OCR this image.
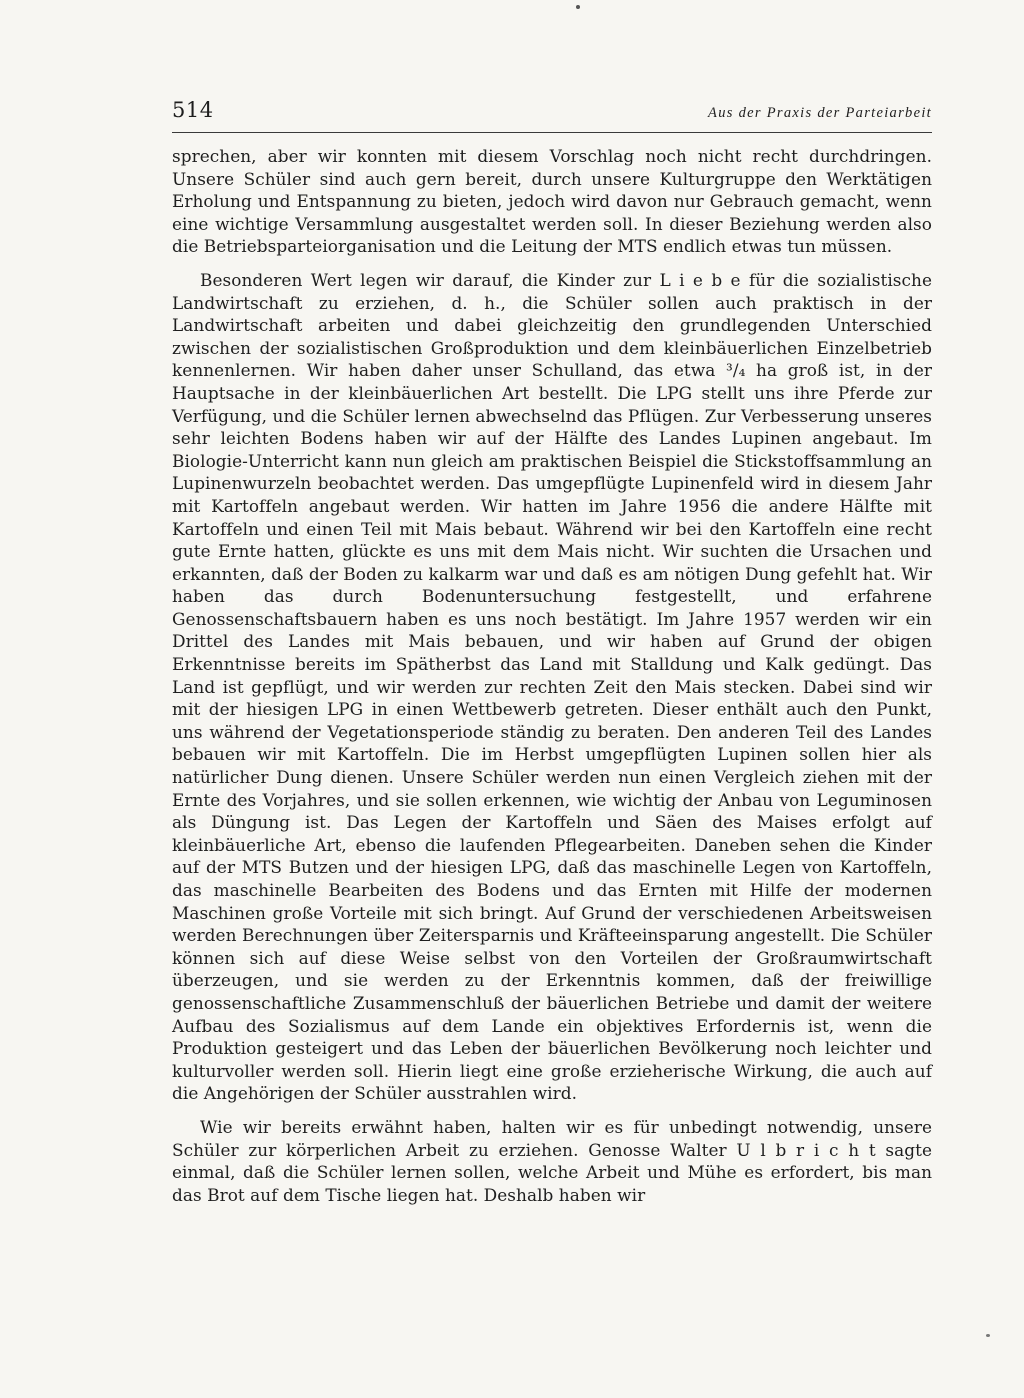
514	Aus der Praxis der Parteiarbeit

sprechen, aber wir konnten mit diesem Vorschlag noch nicht recht durchdringen. Unsere Schüler sind auch gern bereit, durch unsere Kulturgruppe den Werktätigen Erholung und Entspannung zu bieten, jedoch wird davon nur Gebrauch gemacht, wenn eine wichtige Versammlung ausgestaltet werden soll. In dieser Beziehung werden also die Betriebsparteiorganisation und die Leitung der MTS endlich etwas tun müssen.

Besonderen Wert legen wir darauf, die Kinder zur L i e b e für die sozialistische Landwirtschaft zu erziehen, d. h., die Schüler sollen auch praktisch in der Landwirtschaft arbeiten und dabei gleichzeitig den grundlegenden Unterschied zwischen der sozialistischen Großproduktion und dem kleinbäuerlichen Einzelbetrieb kennenlernen. Wir haben daher unser Schulland, das etwa ³/₄ ha groß ist, in der Hauptsache in der kleinbäuerlichen Art bestellt. Die LPG stellt uns ihre Pferde zur Verfügung, und die Schüler lernen abwechselnd das Pflügen. Zur Verbesserung unseres sehr leichten Bodens haben wir auf der Hälfte des Landes Lupinen angebaut. Im Biologie-Unterricht kann nun gleich am praktischen Beispiel die Stickstoffsammlung an Lupinenwurzeln beobachtet werden. Das umgepflügte Lupinenfeld wird in diesem Jahr mit Kartoffeln angebaut werden. Wir hatten im Jahre 1956 die andere Hälfte mit Kartoffeln und einen Teil mit Mais bebaut. Während wir bei den Kartoffeln eine recht gute Ernte hatten, glückte es uns mit dem Mais nicht. Wir suchten die Ursachen und erkannten, daß der Boden zu kalkarm war und daß es am nötigen Dung gefehlt hat. Wir haben das durch Bodenuntersuchung festgestellt, und erfahrene Genossenschaftsbauern haben es uns noch bestätigt. Im Jahre 1957 werden wir ein Drittel des Landes mit Mais bebauen, und wir haben auf Grund der obigen Erkenntnisse bereits im Spätherbst das Land mit Stalldung und Kalk gedüngt. Das Land ist gepflügt, und wir werden zur rechten Zeit den Mais stecken. Dabei sind wir mit der hiesigen LPG in einen Wettbewerb getreten. Dieser enthält auch den Punkt, uns während der Vegetationsperiode ständig zu beraten. Den anderen Teil des Landes bebauen wir mit Kartoffeln. Die im Herbst umgepflügten Lupinen sollen hier als natürlicher Dung dienen. Unsere Schüler werden nun einen Vergleich ziehen mit der Ernte des Vorjahres, und sie sollen erkennen, wie wichtig der Anbau von Leguminosen als Düngung ist. Das Legen der Kartoffeln und Säen des Maises erfolgt auf kleinbäuerliche Art, ebenso die laufenden Pflegearbeiten. Daneben sehen die Kinder auf der MTS Butzen und der hiesigen LPG, daß das maschinelle Legen von Kartoffeln, das maschinelle Bearbeiten des Bodens und das Ernten mit Hilfe der modernen Maschinen große Vorteile mit sich bringt. Auf Grund der verschiedenen Arbeitsweisen werden Berechnungen über Zeitersparnis und Kräfteeinsparung angestellt. Die Schüler können sich auf diese Weise selbst von den Vorteilen der Großraumwirtschaft überzeugen, und sie werden zu der Erkenntnis kommen, daß der freiwillige genossenschaftliche Zusammenschluß der bäuerlichen Betriebe und damit der weitere Aufbau des Sozialismus auf dem Lande ein objektives Erfordernis ist, wenn die Produktion gesteigert und das Leben der bäuerlichen Bevölkerung noch leichter und kulturvoller werden soll. Hierin liegt eine große erzieherische Wirkung, die auch auf die Angehörigen der Schüler ausstrahlen wird.

Wie wir bereits erwähnt haben, halten wir es für unbedingt notwendig, unsere Schüler zur körperlichen Arbeit zu erziehen. Genosse Walter U l b r i c h t sagte einmal, daß die Schüler lernen sollen, welche Arbeit und Mühe es erfordert, bis man das Brot auf dem Tische liegen hat. Deshalb haben wir
